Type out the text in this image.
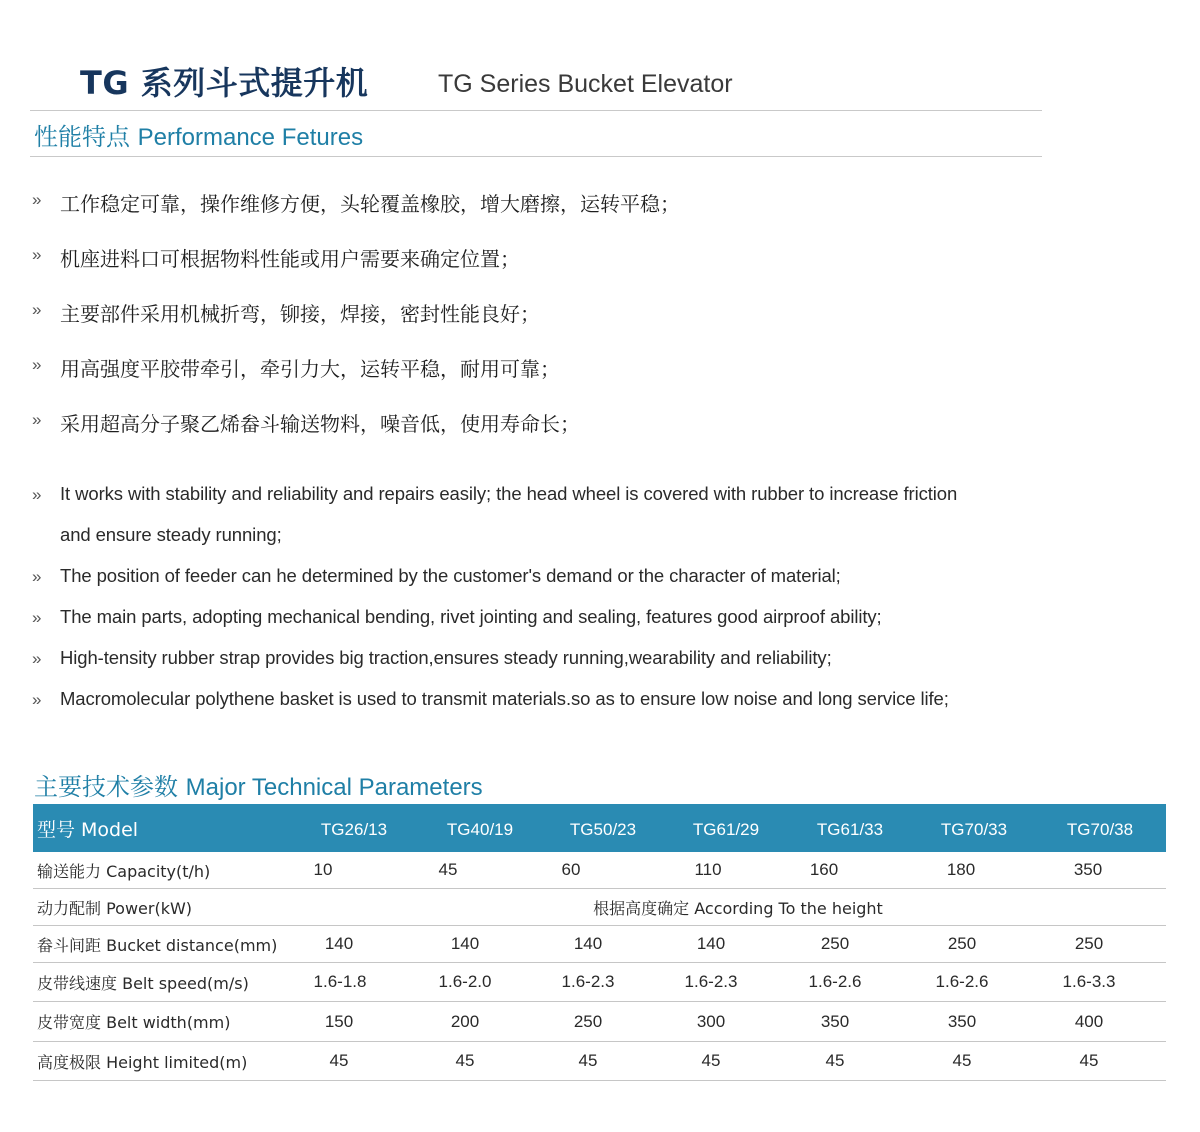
TG 系列斗式提升机	TG Series Bucket Elevator
性能特点 Performance Fetures
» 工作稳定可靠，操作维修方便，头轮覆盖橡胶，增大磨擦，运转平稳；
» 机座进料口可根据物料性能或用户需要来确定位置；
» 主要部件采用机械折弯，铆接，焊接，密封性能良好；
» 用高强度平胶带牵引，牵引力大，运转平稳，耐用可靠；
» 采用超高分子聚乙烯畚斗输送物料，噪音低，使用寿命长；
» It works with stability and reliability and repairs easily; the head wheel is covered with rubber to increase friction
and ensure steady running;
» The position of feeder can he determined by the customer's demand or the character of material;
» The main parts, adopting mechanical bending, rivet jointing and sealing, features good airproof ability;
» High-tensity rubber strap provides big traction,ensures steady running,wearability and reliability;
» Macromolecular polythene basket is used to transmit materials.so as to ensure low noise and long service life;
主要技术参数 Major Technical Parameters
型号 Model	TG26/13	TG40/19	TG50/23	TG61/29	TG61/33	TG70/33	TG70/38
输送能力 Capacity(t/h)	10	45	60	110	160	180	350
动力配制 Power(kW)	根据高度确定 According To the height
畚斗间距 Bucket distance(mm)	140	140	140	140	250	250	250
皮带线速度 Belt speed(m/s)	1.6-1.8	1.6-2.0	1.6-2.3	1.6-2.3	1.6-2.6	1.6-2.6	1.6-3.3
皮带宽度 Belt width(mm)	150	200	250	300	350	350	400
高度极限 Height limited(m)	45	45	45	45	45	45	45
